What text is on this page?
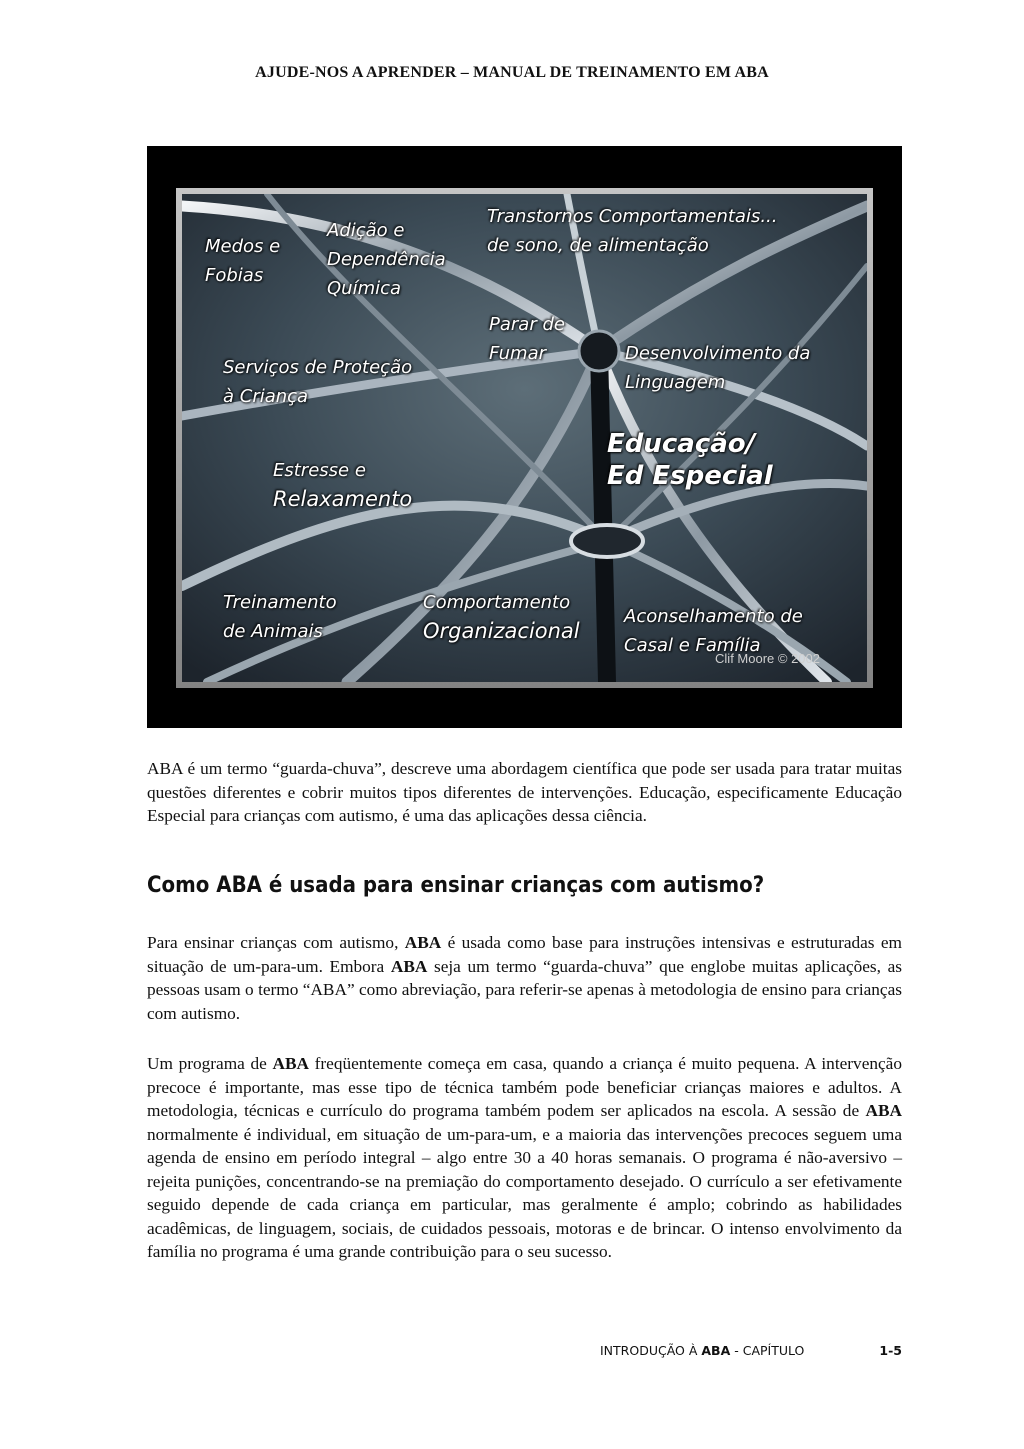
AJUDE-NOS A APRENDER – MANUAL DE TREINAMENTO EM ABA
Medos e
Fobias
Adição e
Dependência
Química
Transtornos Comportamentais...
de sono, de alimentação
Parar de
Fumar
Serviços de Proteção
à Criança
Desenvolvimento da
Linguagem
Educação/
Ed Especial
Estresse e
Relaxamento
Treinamento
de Animais
Comportamento
Organizacional
Aconselhamento de
Casal e Família
Clif Moore © 2002

ABA é um termo “guarda-chuva”, descreve uma abordagem científica que pode ser usada para tratar muitas questões diferentes e cobrir muitos tipos diferentes de intervenções. Educação, especificamente Educação Especial para crianças com autismo, é uma das aplicações dessa ciência.

Como ABA é usada para ensinar crianças com autismo?

Para ensinar crianças com autismo, ABA é usada como base para instruções intensivas e estruturadas em situação de um-para-um. Embora ABA seja um termo “guarda-chuva” que englobe muitas aplicações, as pessoas usam o termo “ABA” como abreviação, para referir-se apenas à metodologia de ensino para crianças com autismo.

Um programa de ABA freqüentemente começa em casa, quando a criança é muito pequena. A intervenção precoce é importante, mas esse tipo de técnica também pode beneficiar crianças maiores e adultos. A metodologia, técnicas e currículo do programa também podem ser aplicados na escola. A sessão de ABA normalmente é individual, em situação de um-para-um, e a maioria das intervenções precoces seguem uma agenda de ensino em período integral – algo entre 30 a 40 horas semanais. O programa é não-aversivo – rejeita punições, concentrando-se na premiação do comportamento desejado. O currículo a ser efetivamente seguido depende de cada criança em particular, mas geralmente é amplo; cobrindo as habilidades acadêmicas, de linguagem, sociais, de cuidados pessoais, motoras e de brincar. O intenso envolvimento da família no programa é uma grande contribuição para o seu sucesso.

INTRODUÇÃO À ABA - CAPÍTULO	1-5
